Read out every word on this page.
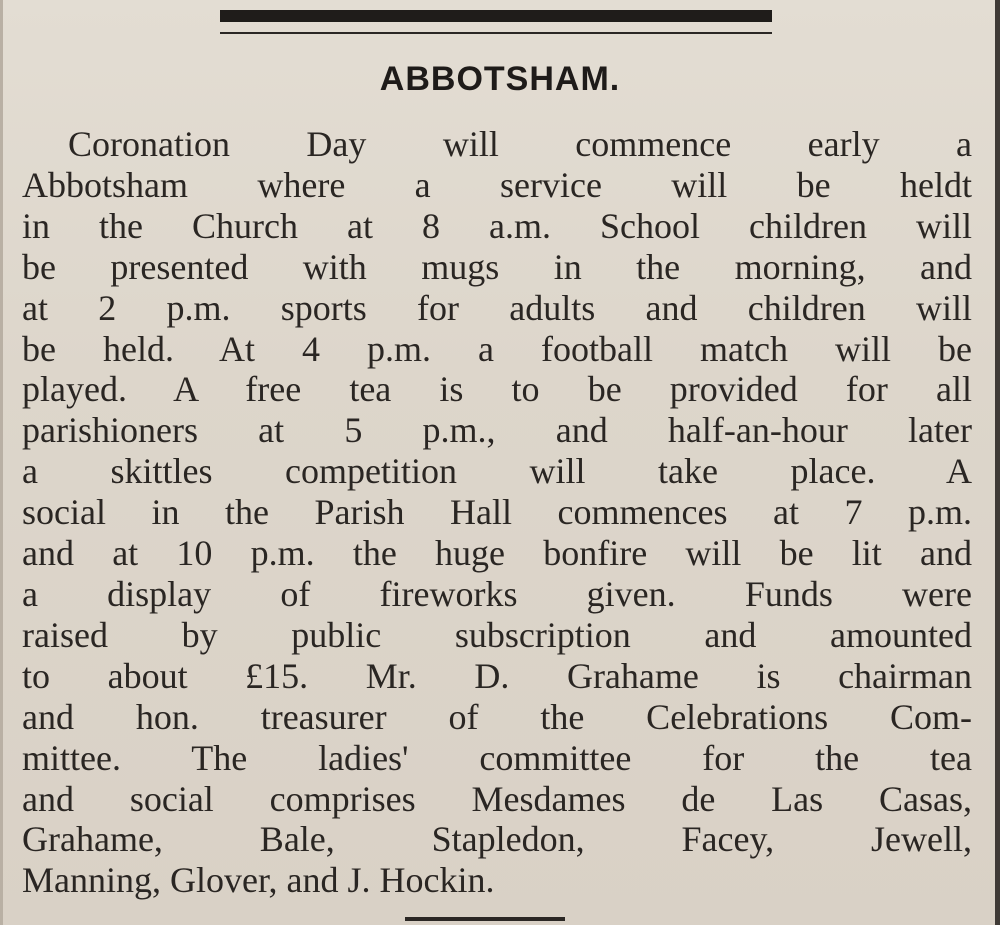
ABBOTSHAM.
Coronation Day will commence early a
Abbotsham where a service will be heldt
in the Church at 8 a.m. School children will
be presented with mugs in the morning, and
at 2 p.m. sports for adults and children will
be held. At 4 p.m. a football match will be
played. A free tea is to be provided for all
parishioners at 5 p.m., and half-an-hour later
a skittles competition will take place. A
social in the Parish Hall commences at 7 p.m.
and at 10 p.m. the huge bonfire will be lit and
a display of fireworks given. Funds were
raised by public subscription and amounted
to about £15. Mr. D. Grahame is chairman
and hon. treasurer of the Celebrations Com-
mittee. The ladies' committee for the tea
and social comprises Mesdames de Las Casas,
Grahame, Bale, Stapledon, Facey, Jewell,
Manning, Glover, and J. Hockin.
